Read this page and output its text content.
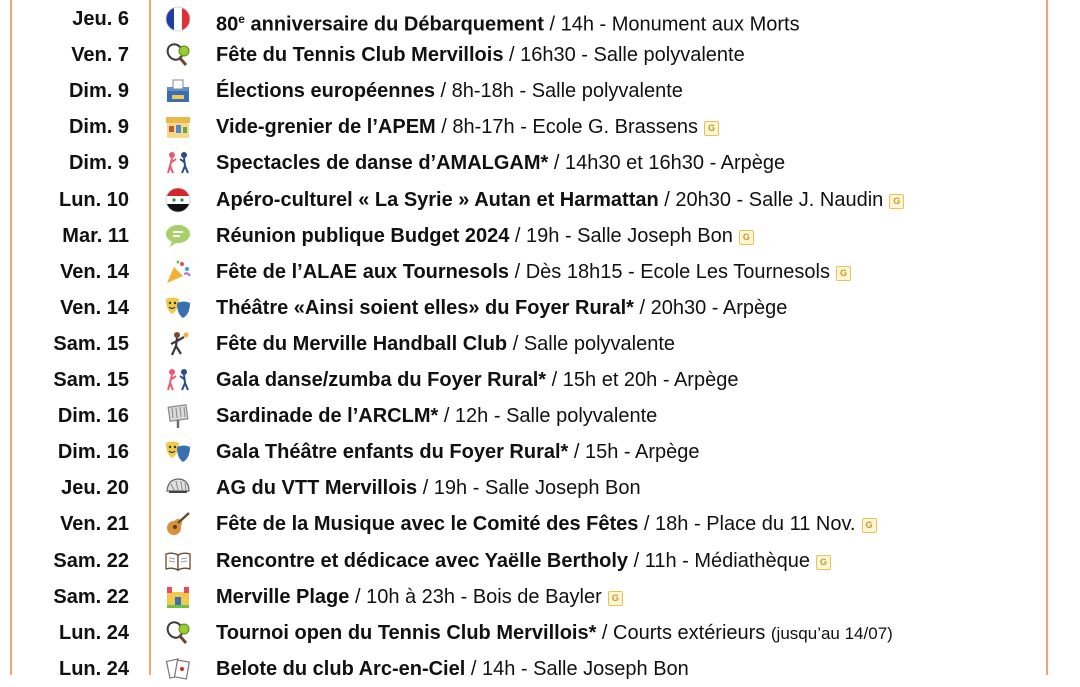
Jeu. 6	80e anniversaire du Débarquement / 14h - Monument aux Morts
Ven. 7	Fête du Tennis Club Mervillois / 16h30 - Salle polyvalente
Dim. 9	Élections européennes / 8h-18h - Salle polyvalente
Dim. 9	Vide-grenier de l’APEM / 8h-17h - Ecole G. Brassens G
Dim. 9	Spectacles de danse d’AMALGAM* / 14h30 et 16h30 - Arpège
Lun. 10	Apéro-culturel « La Syrie » Autan et Harmattan / 20h30 - Salle J. Naudin G
Mar. 11	Réunion publique Budget 2024 / 19h - Salle Joseph Bon G
Ven. 14	Fête de l’ALAE aux Tournesols / Dès 18h15 - Ecole Les Tournesols G
Ven. 14	Théâtre «Ainsi soient elles» du Foyer Rural* / 20h30 - Arpège
Sam. 15	Fête du Merville Handball Club / Salle polyvalente
Sam. 15	Gala danse/zumba du Foyer Rural* / 15h et 20h - Arpège
Dim. 16	Sardinade de l’ARCLM* / 12h - Salle polyvalente
Dim. 16	Gala Théâtre enfants du Foyer Rural* / 15h - Arpège
Jeu. 20	AG du VTT Mervillois / 19h - Salle Joseph Bon
Ven. 21	Fête de la Musique avec le Comité des Fêtes / 18h - Place du 11 Nov. G
Sam. 22	Rencontre et dédicace avec Yaëlle Bertholy / 11h - Médiathèque G
Sam. 22	Merville Plage / 10h à 23h - Bois de Bayler G
Lun. 24	Tournoi open du Tennis Club Mervillois* / Courts extérieurs (jusqu’au 14/07)
Lun. 24	Belote du club Arc-en-Ciel / 14h - Salle Joseph Bon
